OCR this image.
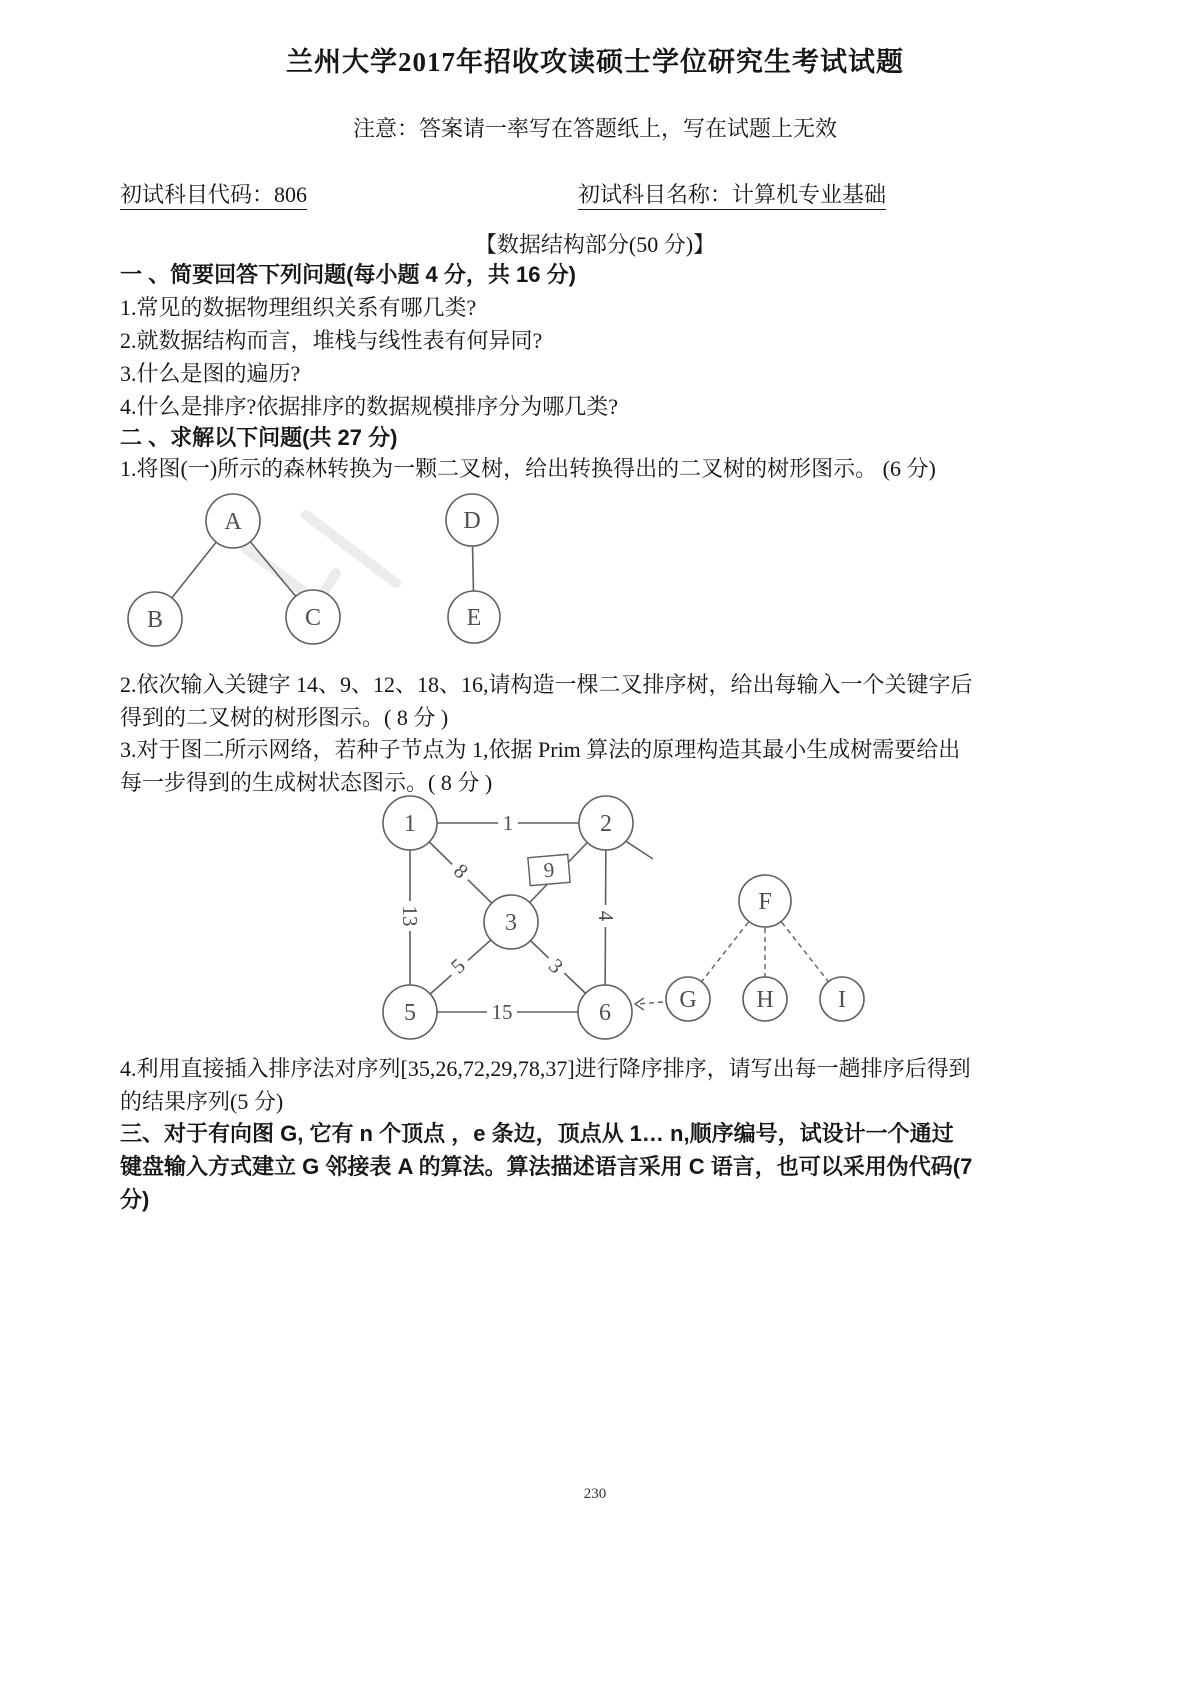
兰州大学2017年招收攻读硕士学位研究生考试试题
注意：答案请一率写在答题纸上，写在试题上无效
初试科目代码：806	初试科目名称：计算机专业基础
【数据结构部分(50 分)】
一 、简要回答下列问题(每小题 4 分，共 16 分)
1.常见的数据物理组织关系有哪几类?
2.就数据结构而言，堆栈与线性表有何异同?
3.什么是图的遍历?
4.什么是排序?依据排序的数据规模排序分为哪几类?
二 、求解以下问题(共 27 分)
1.将图(一)所示的森林转换为一颗二叉树，给出转换得出的二叉树的树形图示。 (6 分)
A
B	C
D
E
2.依次输入关键字 14、9、12、18、16,请构造一棵二叉排序树，给出每输入一个关键字后
得到的二叉树的树形图示。( 8 分 )
3.对于图二所示网络，若种子节点为 1,依据 Prim 算法的原理构造其最小生成树需要给出
每一步得到的生成树状态图示。( 8 分 )
1	2
3
5	6
F
G H	I
1
8	9
13	4
5	3
15
4.利用直接插入排序法对序列[35,26,72,29,78,37]进行降序排序，请写出每一趟排序后得到
的结果序列(5 分)
三、对于有向图 G, 它有 n 个顶点 ，e 条边，顶点从 1… n,顺序编号，试设计一个通过
键盘输入方式建立 G 邻接表 A 的算法。算法描述语言采用 C 语言，也可以采用伪代码(7
分)
230
